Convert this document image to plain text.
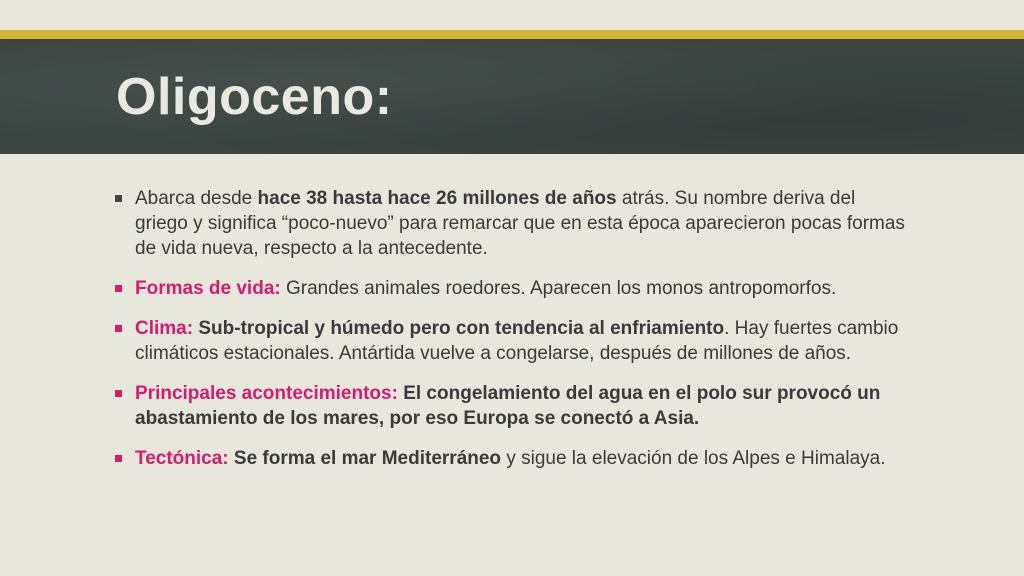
Oligoceno:
Abarca desde hace 38 hasta hace 26 millones de años atrás. Su nombre deriva del griego y significa “poco-nuevo” para remarcar que en esta época aparecieron pocas formas de vida nueva, respecto a la antecedente.
Formas de vida: Grandes animales roedores. Aparecen los monos antropomorfos.
Clima: Sub-tropical y húmedo pero con tendencia al enfriamiento. Hay fuertes cambio climáticos estacionales. Antártida vuelve a congelarse, después de millones de años.
Principales acontecimientos: El congelamiento del agua en el polo sur provocó un abastamiento de los mares, por eso Europa se conectó a Asia.
Tectónica: Se forma el mar Mediterráneo y sigue la elevación de los Alpes e Himalaya.
